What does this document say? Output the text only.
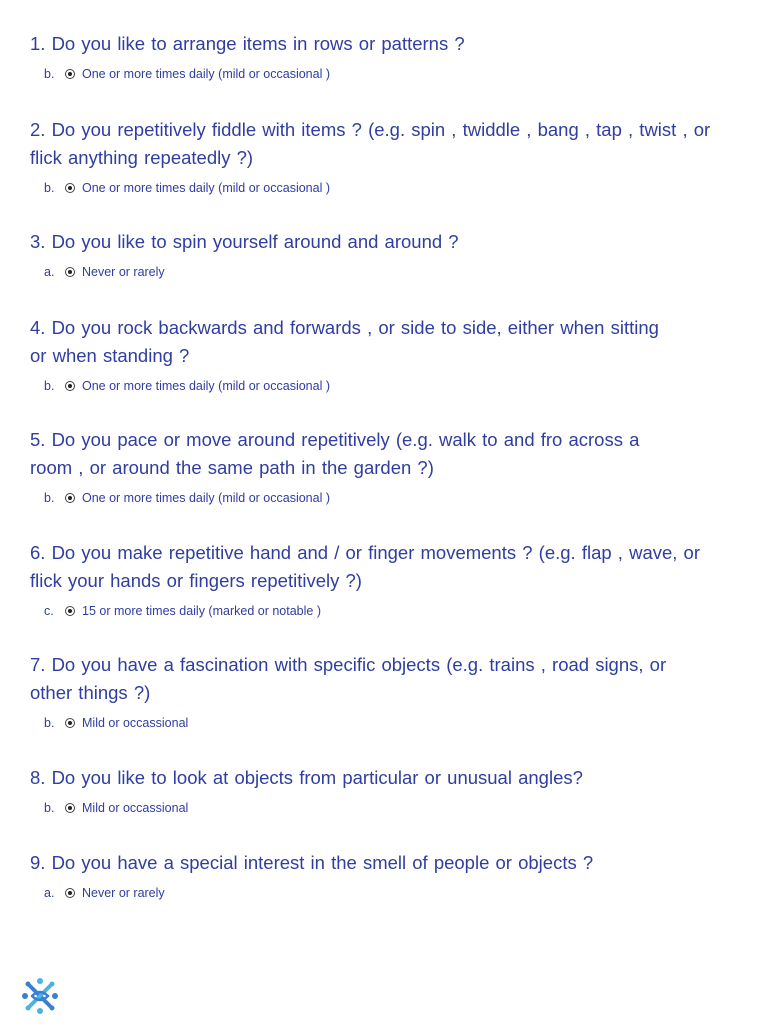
1. Do you like to arrange items in rows or patterns ?

b.	One or more times daily (mild or occasional )

2. Do you repetitively fiddle with items ? (e.g. spin , twiddle , bang , tap , twist , or
flick anything repeatedly ?)

b.	One or more times daily (mild or occasional )

3. Do you like to spin yourself around and around ?

a.	Never or rarely

4. Do you rock backwards and forwards , or side to side, either when sitting
or when standing ?

b.	One or more times daily (mild or occasional )

5. Do you pace or move around repetitively (e.g. walk to and fro across a
room , or around the same path in the garden ?)

b.	One or more times daily (mild or occasional )

6. Do you make repetitive hand and / or finger movements ? (e.g. flap , wave, or
flick your hands or fingers repetitively ?)

c.	15 or more times daily (marked or notable )

7. Do you have a fascination with specific objects (e.g. trains , road signs, or
other things ?)

b.	Mild or occassional

8. Do you like to look at objects from particular or unusual angles?

b.	Mild or occassional

9. Do you have a special interest in the smell of people or objects ?

a.	Never or rarely
